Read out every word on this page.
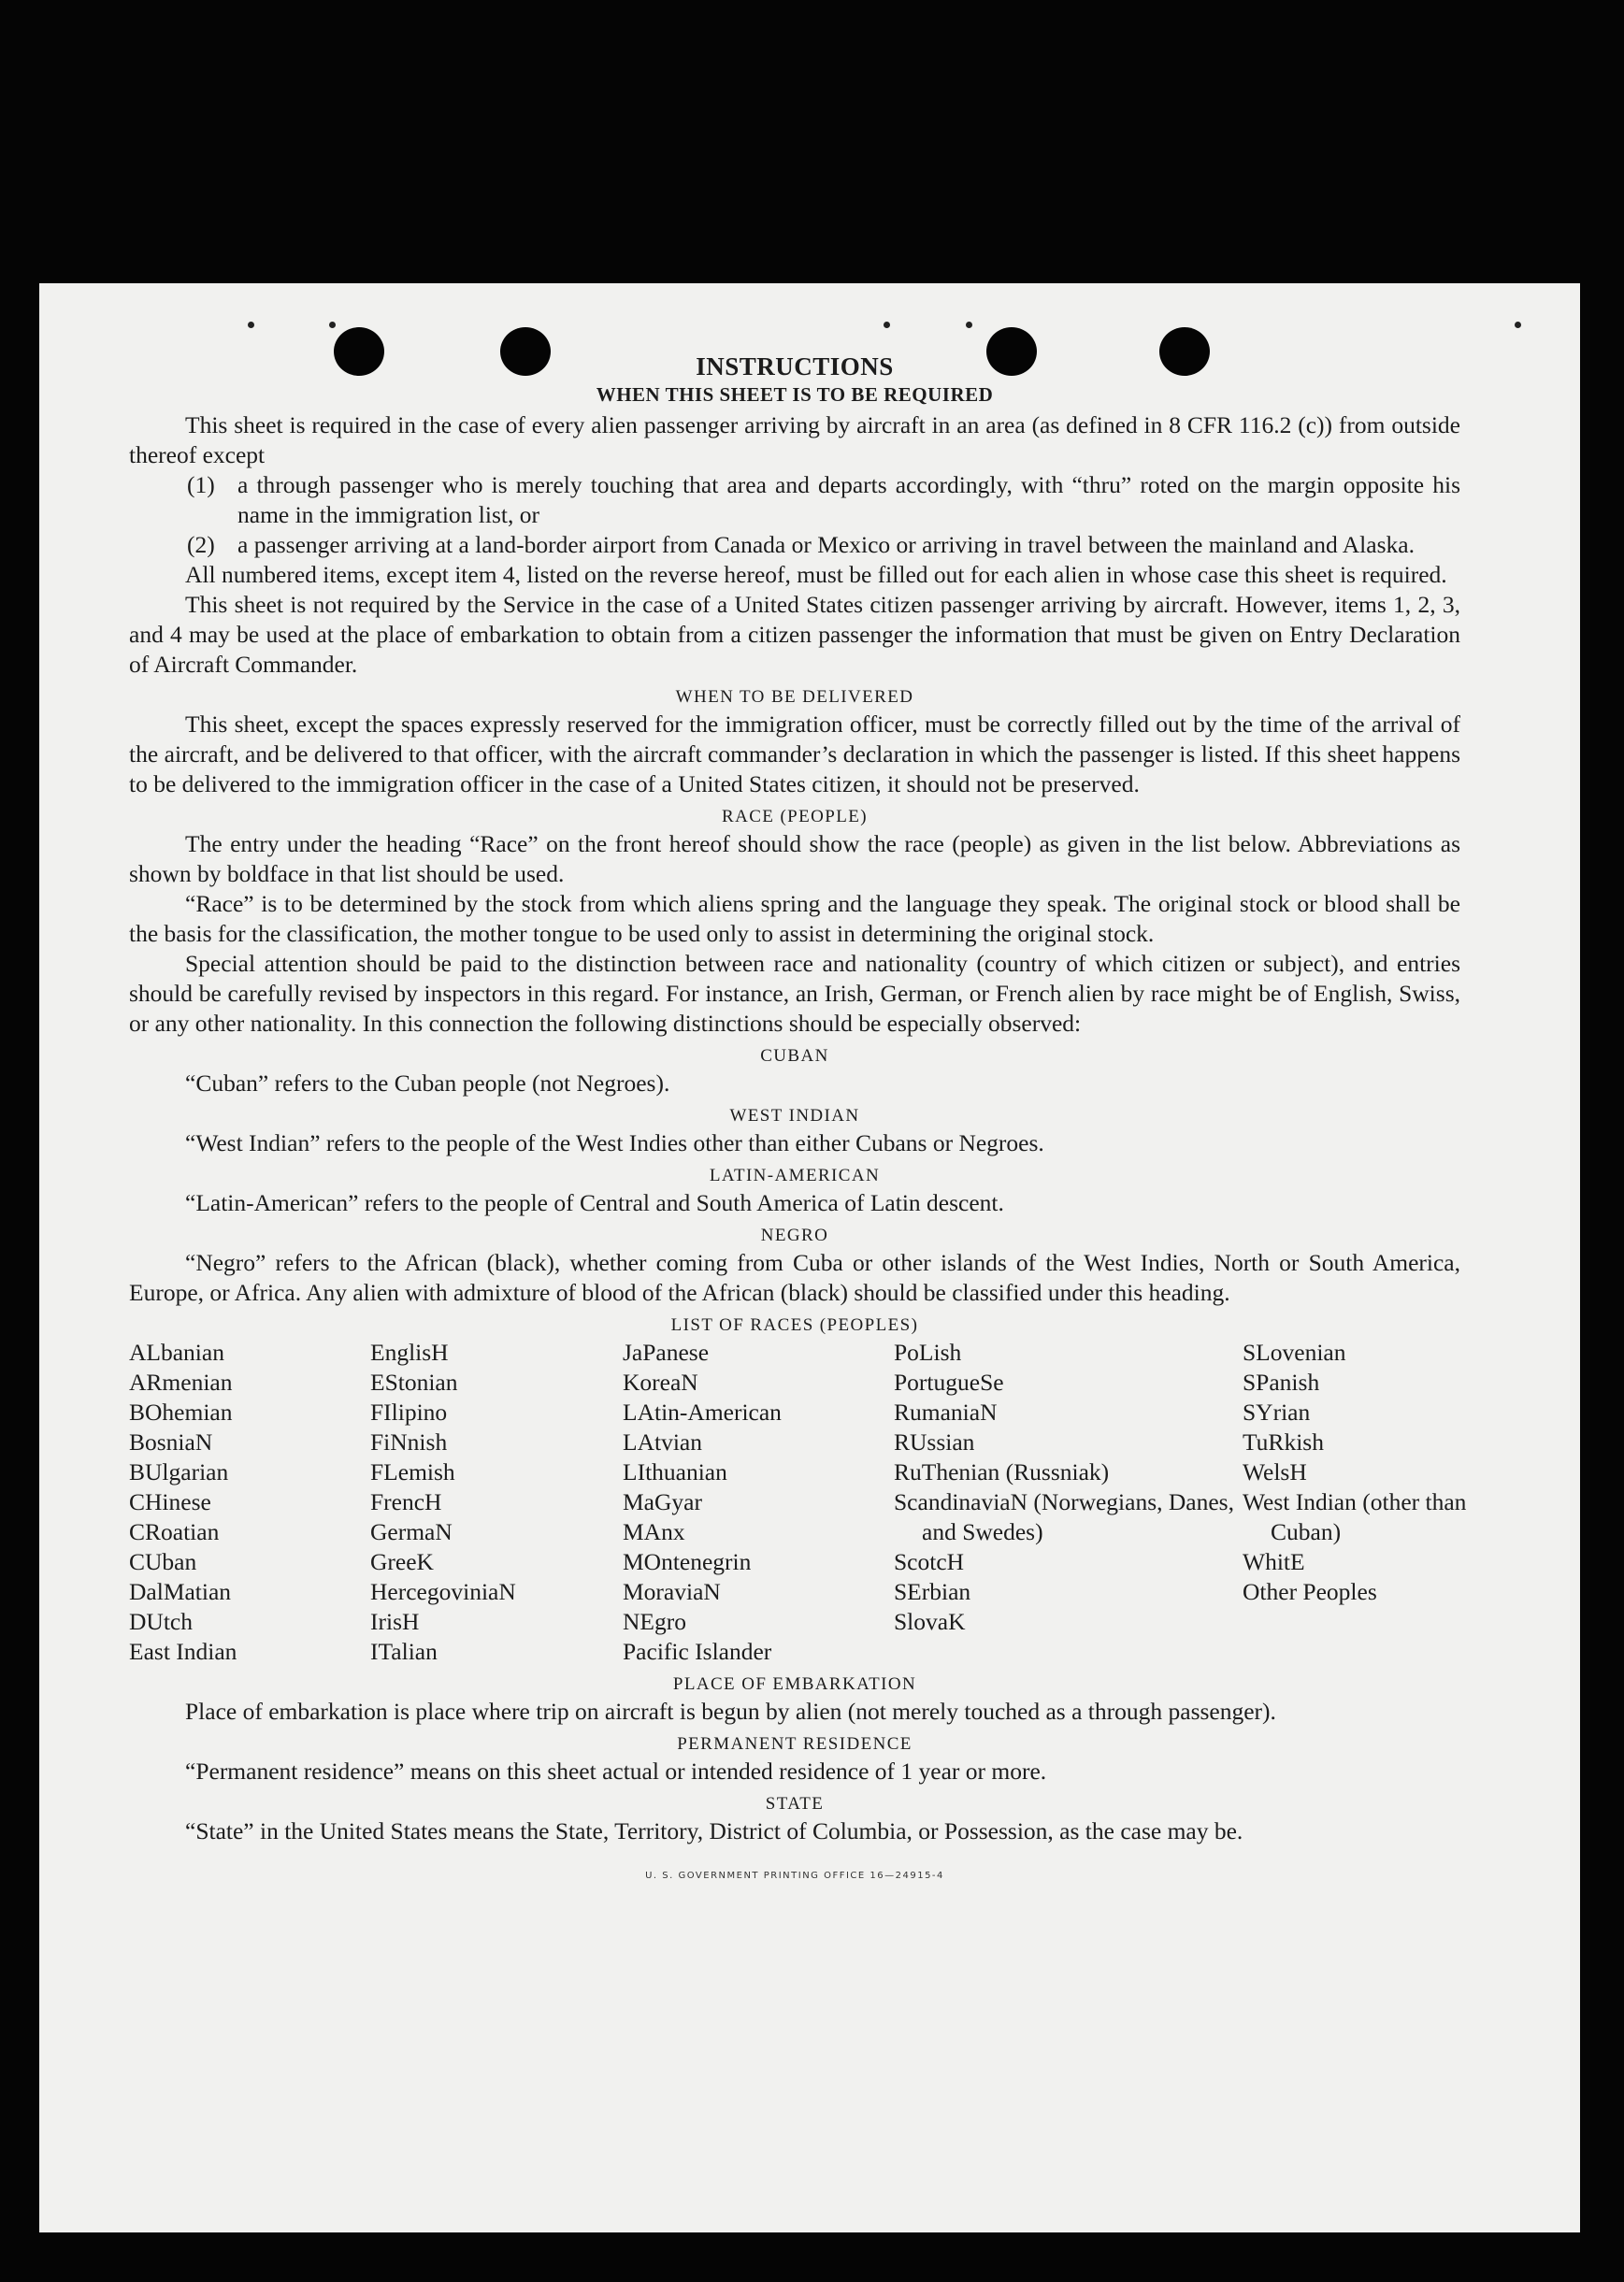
INSTRUCTIONS
WHEN THIS SHEET IS TO BE REQUIRED

This sheet is required in the case of every alien passenger arriving by aircraft in an area (as defined in 8 CFR 116.2 (c)) from outside thereof except

(1) a through passenger who is merely touching that area and departs accordingly, with “thru” roted on the margin opposite his name in the immigration list, or
(2) a passenger arriving at a land-border airport from Canada or Mexico or arriving in travel between the mainland and Alaska.

All numbered items, except item 4, listed on the reverse hereof, must be filled out for each alien in whose case this sheet is required.

This sheet is not required by the Service in the case of a United States citizen passenger arriving by aircraft. However, items 1, 2, 3, and 4 may be used at the place of embarkation to obtain from a citizen passenger the information that must be given on Entry Declaration of Aircraft Commander.

WHEN TO BE DELIVERED

This sheet, except the spaces expressly reserved for the immigration officer, must be correctly filled out by the time of the arrival of the aircraft, and be delivered to that officer, with the aircraft commander’s declaration in which the passenger is listed. If this sheet happens to be delivered to the immigration officer in the case of a United States citizen, it should not be preserved.

RACE (PEOPLE)

The entry under the heading “Race” on the front hereof should show the race (people) as given in the list below. Abbreviations as shown by boldface in that list should be used.

“Race” is to be determined by the stock from which aliens spring and the language they speak. The original stock or blood shall be the basis for the classification, the mother tongue to be used only to assist in determining the original stock.

Special attention should be paid to the distinction between race and nationality (country of which citizen or subject), and entries should be carefully revised by inspectors in this regard. For instance, an Irish, German, or French alien by race might be of English, Swiss, or any other nationality. In this connection the following distinctions should be especially observed:

CUBAN

“Cuban” refers to the Cuban people (not Negroes).

WEST INDIAN

“West Indian” refers to the people of the West Indies other than either Cubans or Negroes.

LATIN-AMERICAN

“Latin-American” refers to the people of Central and South America of Latin descent.

NEGRO

“Negro” refers to the African (black), whether coming from Cuba or other islands of the West Indies, North or South America, Europe, or Africa. Any alien with admixture of blood of the African (black) should be classified under this heading.

LIST OF RACES (PEOPLES)
ALbanian
ARmenian
BOhemian
BosniaN
BUlgarian
CHinese
CRoatian
CUban
DalMatian
DUtch
East Indian
EnglisH
EStonian
FIlipino
FiNnish
FLemish
FrencH
GermaN
GreeK
HercegoviniaN
IrisH
ITalian
JaPanese
KoreaN
LAtin-American
LAtvian
LIthuanian
MaGyar
MAnx
MOntenegrin
MoraviaN
NEgro
Pacific Islander
PoLish
PortugueSe
RumaniaN
RUssian
RuThenian (Russniak)
ScandinaviaN (Norwegians, Danes, and Swedes)
ScotcH
SErbian
SlovaK
SLovenian
SPanish
SYrian
TuRkish
WelsH
West Indian (other than Cuban)
WhitE
Other Peoples
PLACE OF EMBARKATION

Place of embarkation is place where trip on aircraft is begun by alien (not merely touched as a through passenger).

PERMANENT RESIDENCE

“Permanent residence” means on this sheet actual or intended residence of 1 year or more.

STATE

“State” in the United States means the State, Territory, District of Columbia, or Possession, as the case may be.

U. S. GOVERNMENT PRINTING OFFICE 16—24915-4
